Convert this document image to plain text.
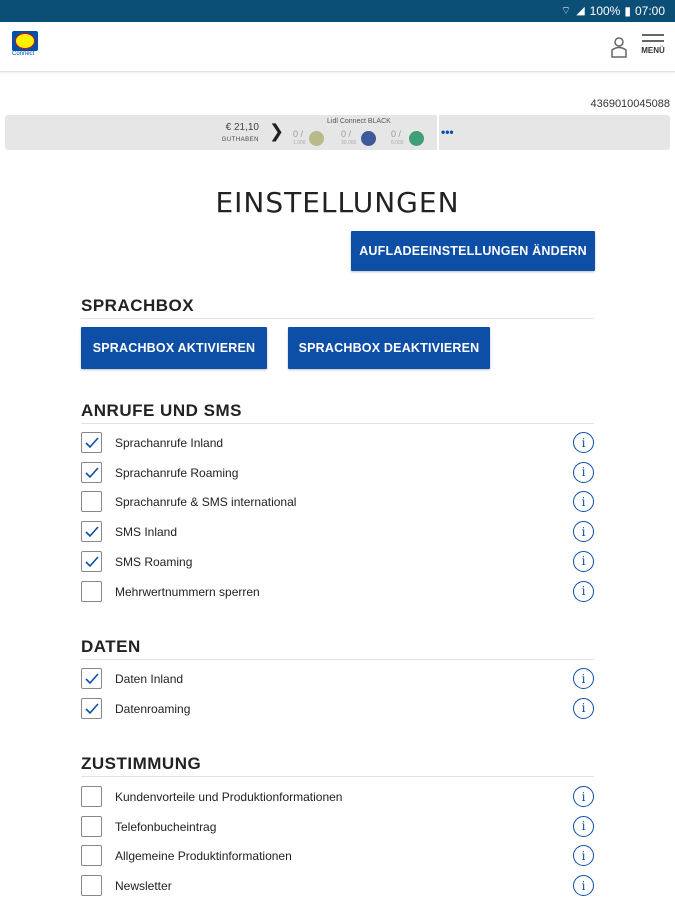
⌔ ◢ 100% ▮ 07:00
Connect	MENÜ
4369010045088
€ 21,10
GUTHABEN ❯	Lidl Connect BLACK
0 /
1.000
0 /
30.000
0 /
6.000
•••
EINSTELLUNGEN
AUFLADEEINSTELLUNGEN ÄNDERN
SPRACHBOX
SPRACHBOX AKTIVIEREN	SPRACHBOX DEAKTIVIEREN
ANRUFE UND SMS
Sprachanrufe Inland	i
Sprachanrufe Roaming	i
Sprachanrufe & SMS international	i
SMS Inland	i
SMS Roaming	i
Mehrwertnummern sperren	i
DATEN
Daten Inland	i
Datenroaming	i
ZUSTIMMUNG
Kundenvorteile und Produktionformationen	i
Telefonbucheintrag	i
Allgemeine Produktinformationen	i
Newsletter	i
